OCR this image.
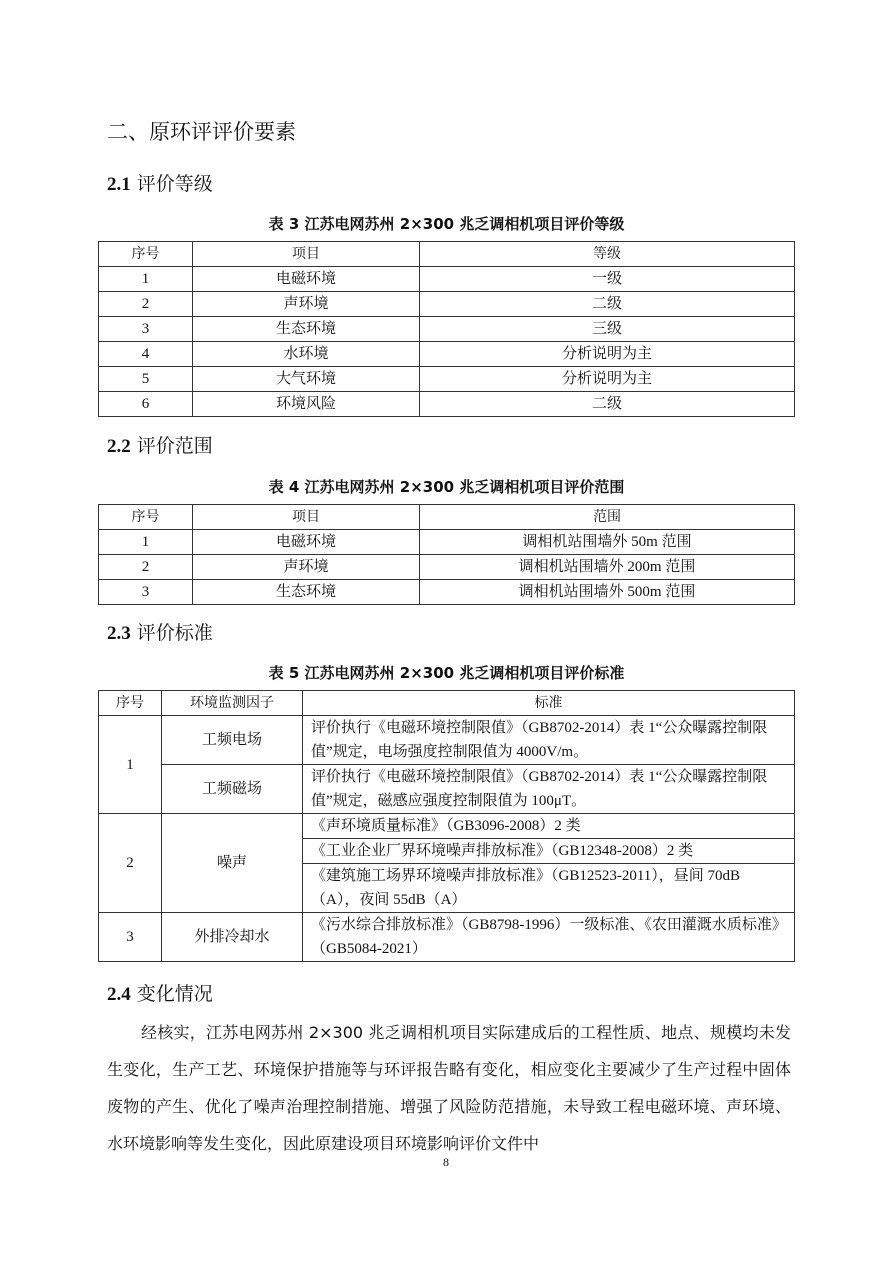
二、原环评评价要素
2.1 评价等级
表 3 江苏电网苏州 2×300 兆乏调相机项目评价等级
序号	项目	等级
1	电磁环境	一级
2	声环境	二级
3	生态环境	三级
4	水环境	分析说明为主
5	大气环境	分析说明为主
6	环境风险	二级
2.2 评价范围
表 4 江苏电网苏州 2×300 兆乏调相机项目评价范围
序号	项目	范围
1	电磁环境	调相机站围墙外 50m 范围
2	声环境	调相机站围墙外 200m 范围
3	生态环境	调相机站围墙外 500m 范围
2.3 评价标准
表 5 江苏电网苏州 2×300 兆乏调相机项目评价标准
序号	环境监测因子	标准
1	工频电场	评价执行《电磁环境控制限值》（GB8702-2014）表 1“公众曝露控制限值”规定，电场强度控制限值为 4000V/m。
	工频磁场	评价执行《电磁环境控制限值》（GB8702-2014）表 1“公众曝露控制限值”规定，磁感应强度控制限值为 100μT。
2	噪声	《声环境质量标准》（GB3096-2008）2 类
		《工业企业厂界环境噪声排放标准》（GB12348-2008）2 类
		《建筑施工场界环境噪声排放标准》（GB12523-2011），昼间 70dB（A），夜间 55dB（A）
3	外排冷却水	《污水综合排放标准》（GB8798-1996）一级标准、《农田灌溉水质标准》（GB5084-2021）
2.4 变化情况
经核实，江苏电网苏州 2×300 兆乏调相机项目实际建成后的工程性质、地点、规模均未发生变化，生产工艺、环境保护措施等与环评报告略有变化，相应变化主要减少了生产过程中固体废物的产生、优化了噪声治理控制措施、增强了风险防范措施，未导致工程电磁环境、声环境、水环境影响等发生变化，因此原建设项目环境影响评价文件中
8
